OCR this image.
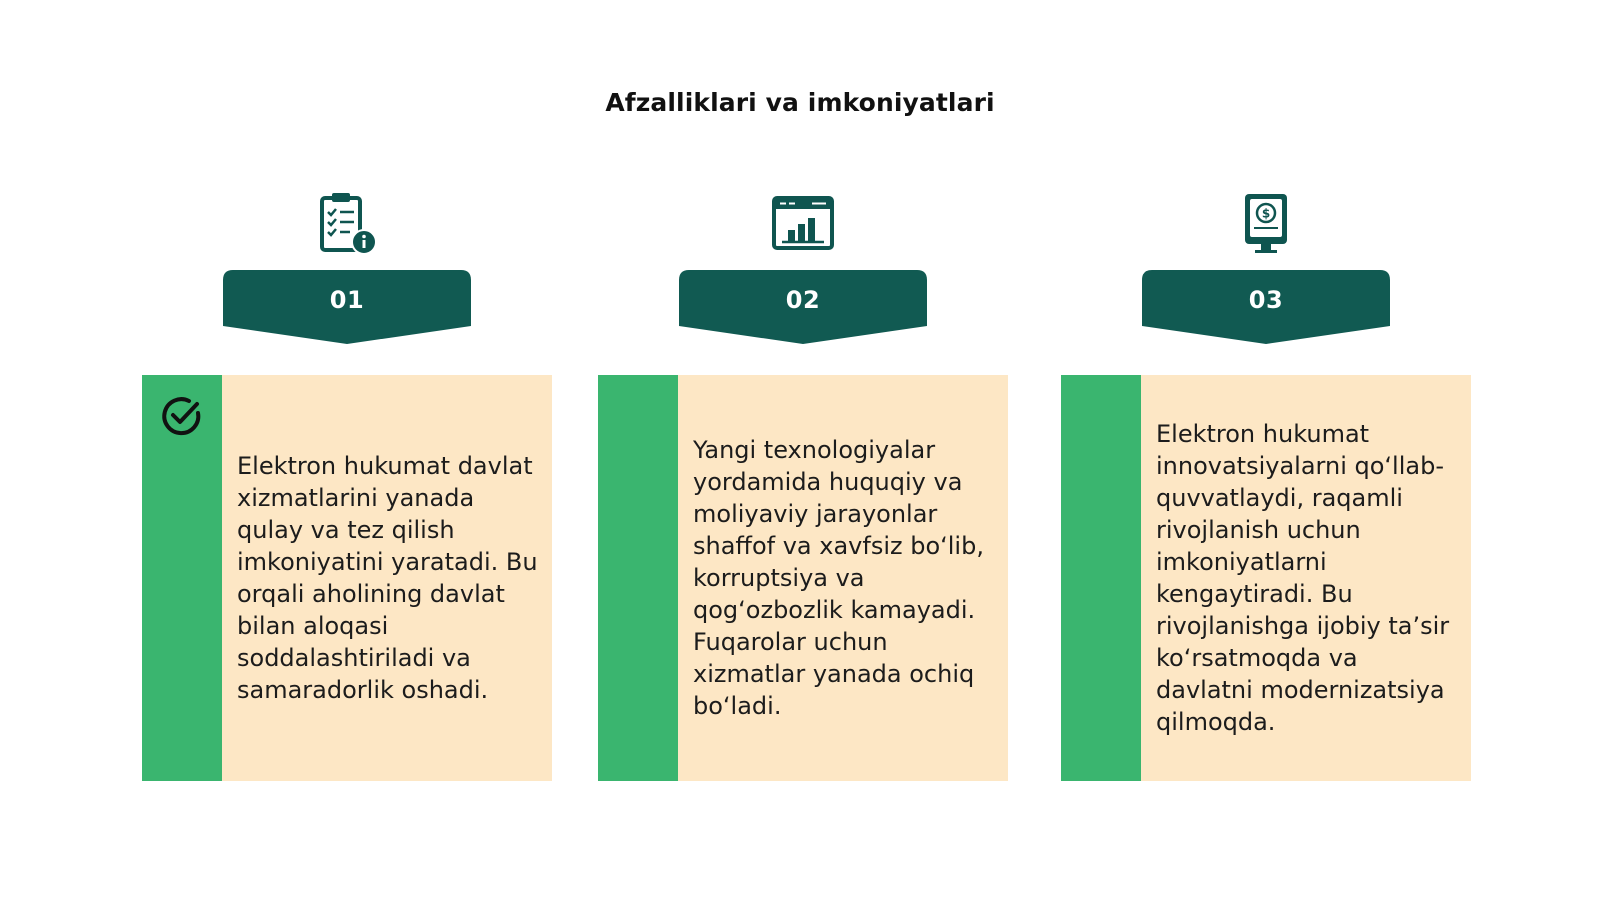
Afzalliklari va imkoniyatlari
01
Elektron hukumat davlat xizmatlarini yanada qulay va tez qilish imkoniyatini yaratadi. Bu orqali aholining davlat bilan aloqasi soddalashtiriladi va samaradorlik oshadi.
02
Yangi texnologiyalar yordamida huquqiy va moliyaviy jarayonlar shaffof va xavfsiz bo‘lib, korruptsiya va qog‘ozbozlik kamayadi. Fuqarolar uchun xizmatlar yanada ochiq bo‘ladi.
$
03
Elektron hukumat innovatsiyalarni qo‘llab-quvvatlaydi, raqamli rivojlanish uchun imkoniyatlarni kengaytiradi. Bu rivojlanishga ijobiy ta’sir ko‘rsatmoqda va davlatni modernizatsiya qilmoqda.
